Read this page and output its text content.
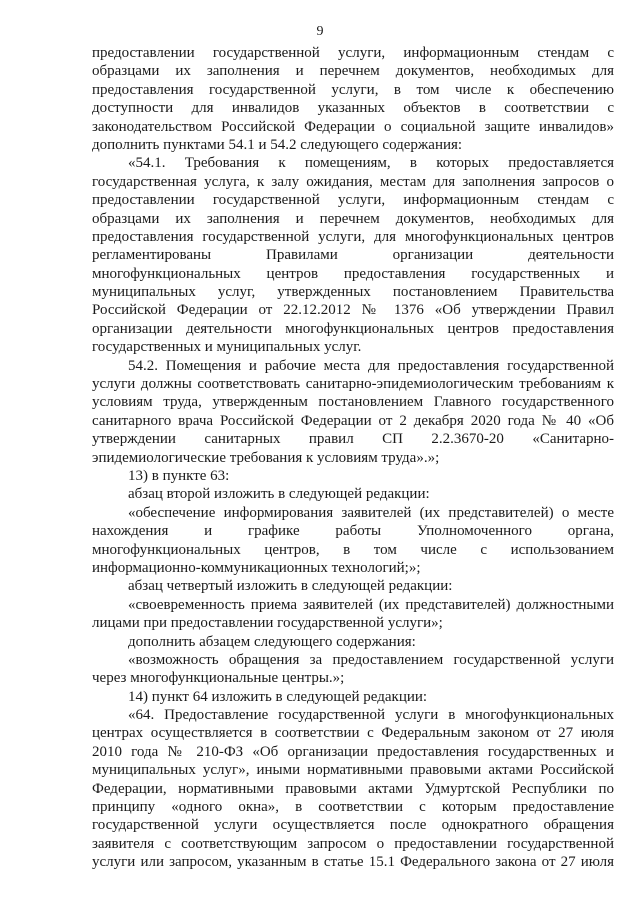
9
предоставлении государственной услуги, информационным стендам с
образцами их заполнения и перечнем документов, необходимых для
предоставления государственной услуги, в том числе к обеспечению
доступности для инвалидов указанных объектов в соответствии с
законодательством Российской Федерации о социальной защите инвалидов»
дополнить пунктами 54.1 и 54.2 следующего содержания:
«54.1. Требования к помещениям, в которых предоставляется
государственная услуга, к залу ожидания, местам для заполнения запросов о
предоставлении государственной услуги, информационным стендам с
образцами их заполнения и перечнем документов, необходимых для
предоставления государственной услуги, для многофункциональных центров
регламентированы Правилами организации деятельности
многофункциональных центров предоставления государственных и
муниципальных услуг, утвержденных постановлением Правительства
Российской Федерации от 22.12.2012 № 1376 «Об утверждении Правил
организации деятельности многофункциональных центров предоставления
государственных и муниципальных услуг.
54.2. Помещения и рабочие места для предоставления государственной
услуги должны соответствовать санитарно-эпидемиологическим требованиям к
условиям труда, утвержденным постановлением Главного государственного
санитарного врача Российской Федерации от 2 декабря 2020 года № 40 «Об
утверждении санитарных правил СП 2.2.3670-20 «Санитарно-
эпидемиологические требования к условиям труда».»;
13) в пункте 63:
абзац второй изложить в следующей редакции:
«обеспечение информирования заявителей (их представителей) о месте
нахождения и графике работы Уполномоченного органа,
многофункциональных центров, в том числе с использованием
информационно-коммуникационных технологий;»;
абзац четвертый изложить в следующей редакции:
«своевременность приема заявителей (их представителей) должностными
лицами при предоставлении государственной услуги»;
дополнить абзацем следующего содержания:
«возможность обращения за предоставлением государственной услуги
через многофункциональные центры.»;
14) пункт 64 изложить в следующей редакции:
«64. Предоставление государственной услуги в многофункциональных
центрах осуществляется в соответствии с Федеральным законом от 27 июля
2010 года № 210-ФЗ «Об организации предоставления государственных и
муниципальных услуг», иными нормативными правовыми актами Российской
Федерации, нормативными правовыми актами Удмуртской Республики по
принципу «одного окна», в соответствии с которым предоставление
государственной услуги осуществляется после однократного обращения
заявителя с соответствующим запросом о предоставлении государственной
услуги или запросом, указанным в статье 15.1 Федерального закона от 27 июля
